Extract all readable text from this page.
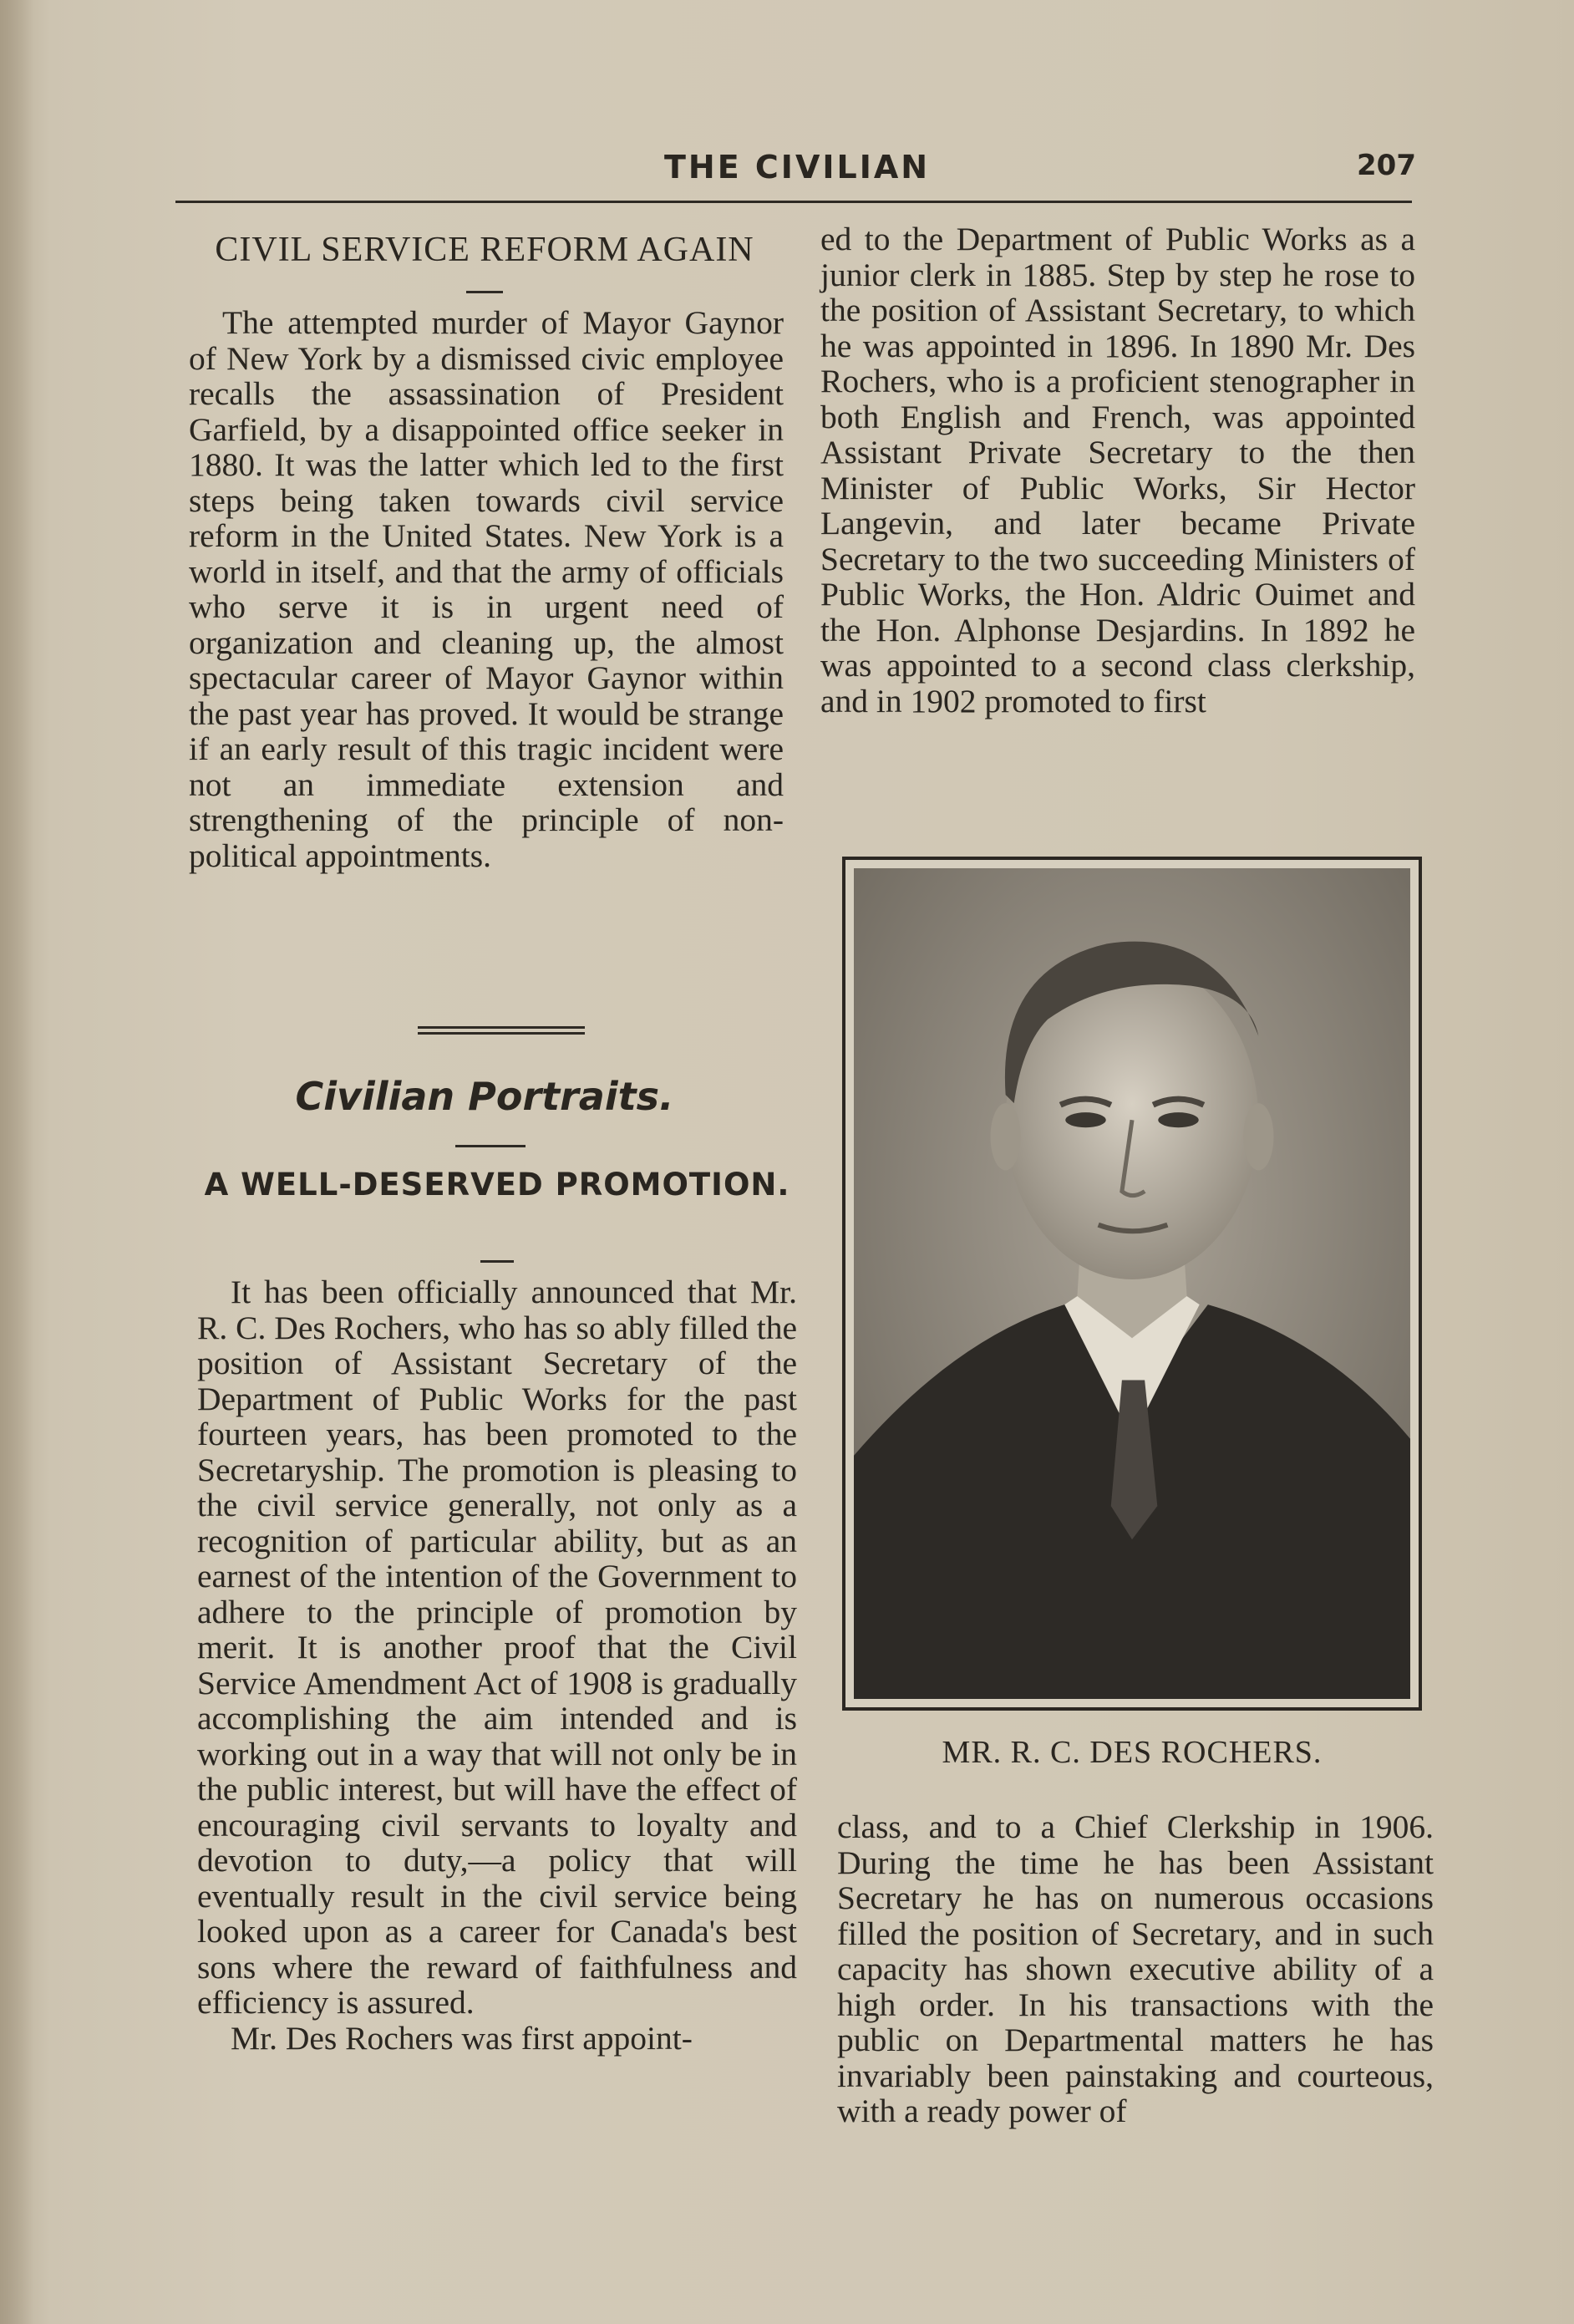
THE CIVILIAN	207
CIVIL SERVICE REFORM AGAIN

The attempted murder of Mayor Gaynor of New York by a dismissed civic employee recalls the assassination of President Garfield, by a disappointed office seeker in 1880. It was the latter which led to the first steps being taken towards civil service reform in the United States. New York is a world in itself, and that the army of officials who serve it is in urgent need of organization and cleaning up, the almost spectacular career of Mayor Gaynor within the past year has proved. It would be strange if an early result of this tragic incident were not an immediate extension and strengthening of the principle of non-political appointments.

Civilian Portraits.
A WELL-DESERVED PROMOTION.

It has been officially announced that Mr. R. C. Des Rochers, who has so ably filled the position of Assistant Secretary of the Department of Public Works for the past fourteen years, has been promoted to the Secretaryship. The promotion is pleasing to the civil service generally, not only as a recognition of particular ability, but as an earnest of the intention of the Government to adhere to the principle of promotion by merit. It is another proof that the Civil Service Amendment Act of 1908 is gradually accomplishing the aim intended and is working out in a way that will not only be in the public interest, but will have the effect of encouraging civil servants to loyalty and devotion to duty,—a policy that will eventually result in the civil service being looked upon as a career for Canada's best sons where the reward of faithfulness and efficiency is assured.

Mr. Des Rochers was first appoint-

ed to the Department of Public Works as a junior clerk in 1885. Step by step he rose to the position of Assistant Secretary, to which he was appointed in 1896. In 1890 Mr. Des Rochers, who is a proficient stenographer in both English and French, was appointed Assistant Private Secretary to the then Minister of Public Works, Sir Hector Langevin, and later became Private Secretary to the two succeeding Ministers of Public Works, the Hon. Aldric Ouimet and the Hon. Alphonse Desjardins. In 1892 he was appointed to a second class clerkship, and in 1902 promoted to first

MR. R. C. DES ROCHERS.

class, and to a Chief Clerkship in 1906. During the time he has been Assistant Secretary he has on numerous occasions filled the position of Secretary, and in such capacity has shown executive ability of a high order. In his transactions with the public on Departmental matters he has invariably been painstaking and courteous, with a ready power of
